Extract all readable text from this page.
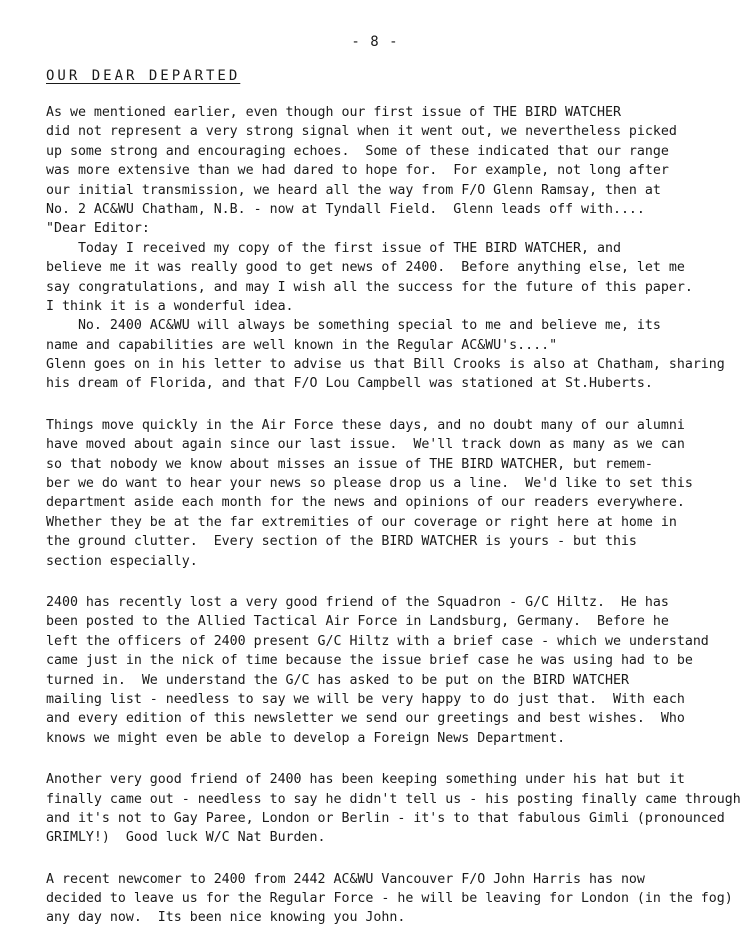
- 8 -
OUR DEAR DEPARTED
As we mentioned earlier, even though our first issue of THE BIRD WATCHER
did not represent a very strong signal when it went out, we nevertheless picked
up some strong and encouraging echoes.  Some of these indicated that our range
was more extensive than we had dared to hope for.  For example, not long after
our initial transmission, we heard all the way from F/O Glenn Ramsay, then at
No. 2 AC&WU Chatham, N.B. - now at Tyndall Field.  Glenn leads off with....
"Dear Editor:
Today I received my copy of the first issue of THE BIRD WATCHER, and
believe me it was really good to get news of 2400.  Before anything else, let me
say congratulations, and may I wish all the success for the future of this paper.
I think it is a wonderful idea.
No. 2400 AC&WU will always be something special to me and believe me, its
name and capabilities are well known in the Regular AC&WU's...."
Glenn goes on in his letter to advise us that Bill Crooks is also at Chatham, sharing
his dream of Florida, and that F/O Lou Campbell was stationed at St.Huberts.
Things move quickly in the Air Force these days, and no doubt many of our alumni
have moved about again since our last issue.  We'll track down as many as we can
so that nobody we know about misses an issue of THE BIRD WATCHER, but remem-
ber we do want to hear your news so please drop us a line.  We'd like to set this
department aside each month for the news and opinions of our readers everywhere.
Whether they be at the far extremities of our coverage or right here at home in
the ground clutter.  Every section of the BIRD WATCHER is yours - but this
section especially.
2400 has recently lost a very good friend of the Squadron - G/C Hiltz.  He has
been posted to the Allied Tactical Air Force in Landsburg, Germany.  Before he
left the officers of 2400 present G/C Hiltz with a brief case - which we understand
came just in the nick of time because the issue brief case he was using had to be
turned in.  We understand the G/C has asked to be put on the BIRD WATCHER
mailing list - needless to say we will be very happy to do just that.  With each
and every edition of this newsletter we send our greetings and best wishes.  Who
knows we might even be able to develop a Foreign News Department.
Another very good friend of 2400 has been keeping something under his hat but it
finally came out - needless to say he didn't tell us - his posting finally came through
and it's not to Gay Paree, London or Berlin - it's to that fabulous Gimli (pronounced
GRIMLY!)  Good luck W/C Nat Burden.
A recent newcomer to 2400 from 2442 AC&WU Vancouver F/O John Harris has now
decided to leave us for the Regular Force - he will be leaving for London (in the fog)
any day now.  Its been nice knowing you John.
